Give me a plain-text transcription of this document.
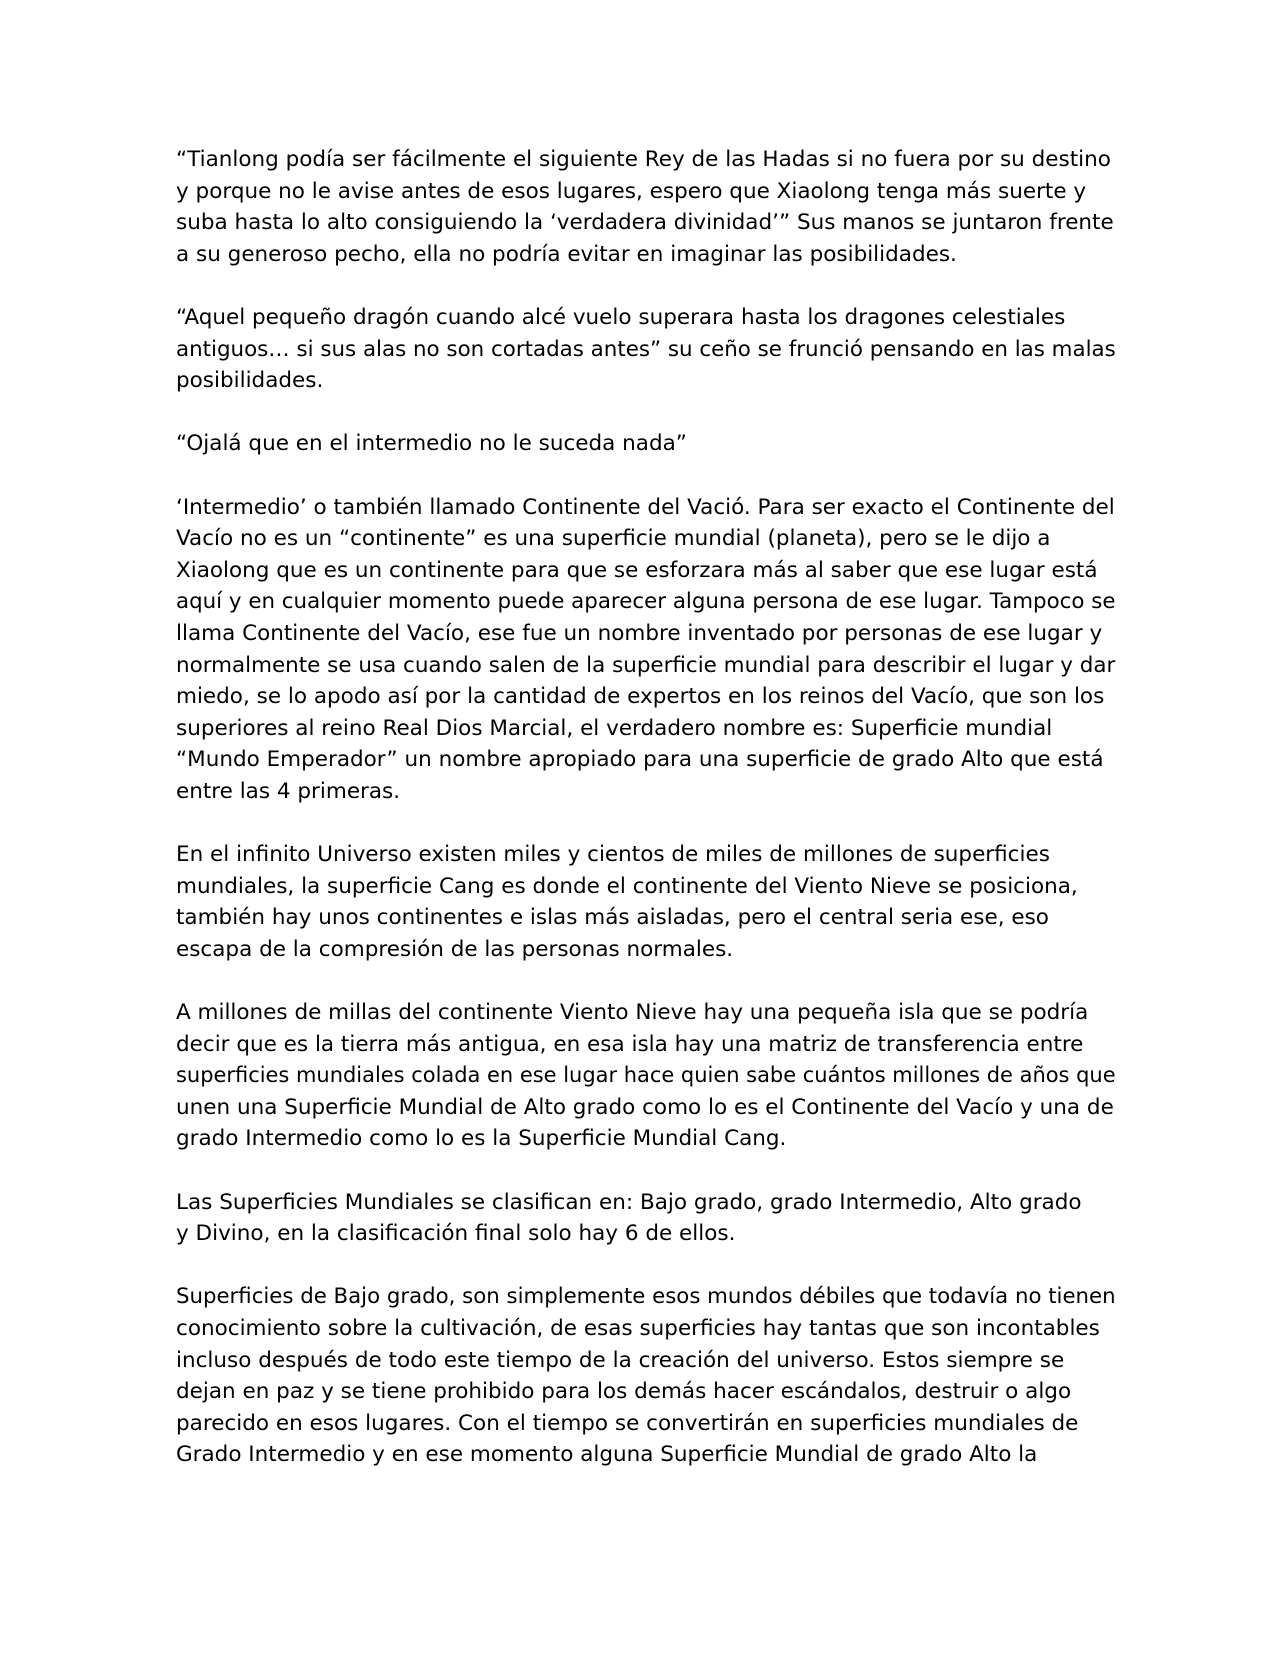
“Tianlong podía ser fácilmente el siguiente Rey de las Hadas si no fuera por su destino
y porque no le avise antes de esos lugares, espero que Xiaolong tenga más suerte y
suba hasta lo alto consiguiendo la ‘verdadera divinidad’” Sus manos se juntaron frente
a su generoso pecho, ella no podría evitar en imaginar las posibilidades.

“Aquel pequeño dragón cuando alcé vuelo superara hasta los dragones celestiales
antiguos… si sus alas no son cortadas antes” su ceño se frunció pensando en las malas
posibilidades.

“Ojalá que en el intermedio no le suceda nada”

‘Intermedio’ o también llamado Continente del Vació. Para ser exacto el Continente del
Vacío no es un “continente” es una superficie mundial (planeta), pero se le dijo a
Xiaolong que es un continente para que se esforzara más al saber que ese lugar está
aquí y en cualquier momento puede aparecer alguna persona de ese lugar. Tampoco se
llama Continente del Vacío, ese fue un nombre inventado por personas de ese lugar y
normalmente se usa cuando salen de la superficie mundial para describir el lugar y dar
miedo, se lo apodo así por la cantidad de expertos en los reinos del Vacío, que son los
superiores al reino Real Dios Marcial, el verdadero nombre es: Superficie mundial
“Mundo Emperador” un nombre apropiado para una superficie de grado Alto que está
entre las 4 primeras.

En el infinito Universo existen miles y cientos de miles de millones de superficies
mundiales, la superficie Cang es donde el continente del Viento Nieve se posiciona,
también hay unos continentes e islas más aisladas, pero el central seria ese, eso
escapa de la compresión de las personas normales.

A millones de millas del continente Viento Nieve hay una pequeña isla que se podría
decir que es la tierra más antigua, en esa isla hay una matriz de transferencia entre
superficies mundiales colada en ese lugar hace quien sabe cuántos millones de años que
unen una Superficie Mundial de Alto grado como lo es el Continente del Vacío y una de
grado Intermedio como lo es la Superficie Mundial Cang.

Las Superficies Mundiales se clasifican en: Bajo grado, grado Intermedio, Alto grado
y Divino, en la clasificación final solo hay 6 de ellos.

Superficies de Bajo grado, son simplemente esos mundos débiles que todavía no tienen
conocimiento sobre la cultivación, de esas superficies hay tantas que son incontables
incluso después de todo este tiempo de la creación del universo. Estos siempre se
dejan en paz y se tiene prohibido para los demás hacer escándalos, destruir o algo
parecido en esos lugares. Con el tiempo se convertirán en superficies mundiales de
Grado Intermedio y en ese momento alguna Superficie Mundial de grado Alto la
